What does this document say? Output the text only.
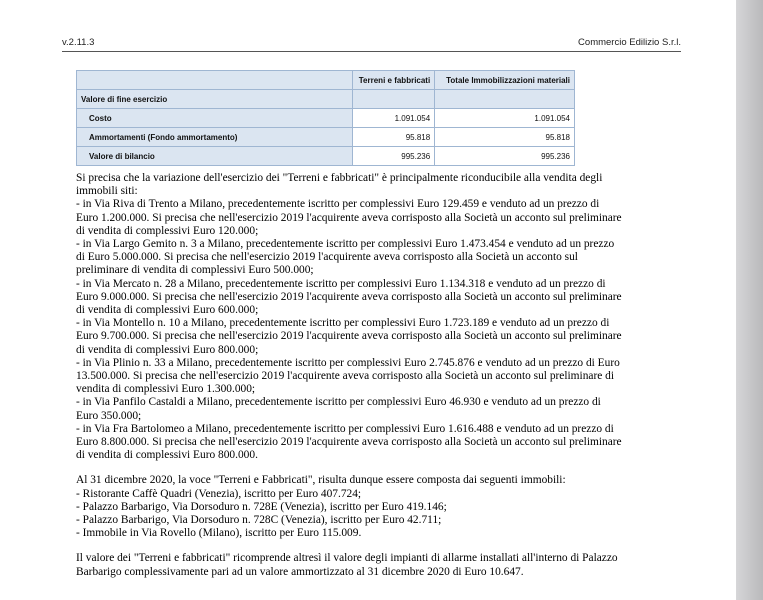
v.2.11.3	Commercio Edilizio S.r.l.
	Terreni e fabbricati	Totale Immobilizzazioni materiali
Valore di fine esercizio		
Costo	1.091.054	1.091.054
Ammortamenti (Fondo ammortamento)	95.818	95.818
Valore di bilancio	995.236	995.236

Si precisa che la variazione dell'esercizio dei "Terreni e fabbricati" è principalmente riconducibile alla vendita degli
immobili siti:
- in Via Riva di Trento a Milano, precedentemente iscritto per complessivi Euro 129.459 e venduto ad un prezzo di
Euro 1.200.000. Si precisa che nell'esercizio 2019 l'acquirente aveva corrisposto alla Società un acconto sul preliminare
di vendita di complessivi Euro 120.000;
- in Via Largo Gemito n. 3 a Milano, precedentemente iscritto per complessivi Euro 1.473.454 e venduto ad un prezzo
di Euro 5.000.000. Si precisa che nell'esercizio 2019 l'acquirente aveva corrisposto alla Società un acconto sul
preliminare di vendita di complessivi Euro 500.000;
- in Via Mercato n. 28 a Milano, precedentemente iscritto per complessivi Euro 1.134.318 e venduto ad un prezzo di
Euro 9.000.000. Si precisa che nell'esercizio 2019 l'acquirente aveva corrisposto alla Società un acconto sul preliminare
di vendita di complessivi Euro 600.000;
- in Via Montello n. 10 a Milano, precedentemente iscritto per complessivi Euro 1.723.189 e venduto ad un prezzo di
Euro 9.700.000. Si precisa che nell'esercizio 2019 l'acquirente aveva corrisposto alla Società un acconto sul preliminare
di vendita di complessivi Euro 800.000;
- in Via Plinio n. 33 a Milano, precedentemente iscritto per complessivi Euro 2.745.876 e venduto ad un prezzo di Euro
13.500.000. Si precisa che nell'esercizio 2019 l'acquirente aveva corrisposto alla Società un acconto sul preliminare di
vendita di complessivi Euro 1.300.000;
- in Via Panfilo Castaldi a Milano, precedentemente iscritto per complessivi Euro 46.930 e venduto ad un prezzo di
Euro 350.000;
- in Via Fra Bartolomeo a Milano, precedentemente iscritto per complessivi Euro 1.616.488 e venduto ad un prezzo di
Euro 8.800.000. Si precisa che nell'esercizio 2019 l'acquirente aveva corrisposto alla Società un acconto sul preliminare
di vendita di complessivi Euro 800.000.

Al 31 dicembre 2020, la voce "Terreni e Fabbricati", risulta dunque essere composta dai seguenti immobili:
- Ristorante Caffè Quadri (Venezia), iscritto per Euro 407.724;
- Palazzo Barbarigo, Via Dorsoduro n. 728E (Venezia), iscritto per Euro 419.146;
- Palazzo Barbarigo, Via Dorsoduro n. 728C (Venezia), iscritto per Euro 42.711;
- Immobile in Via Rovello (Milano), iscritto per Euro 115.009.

Il valore dei "Terreni e fabbricati" ricomprende altresì il valore degli impianti di allarme installati all'interno di Palazzo
Barbarigo complessivamente pari ad un valore ammortizzato al 31 dicembre 2020 di Euro 10.647.
